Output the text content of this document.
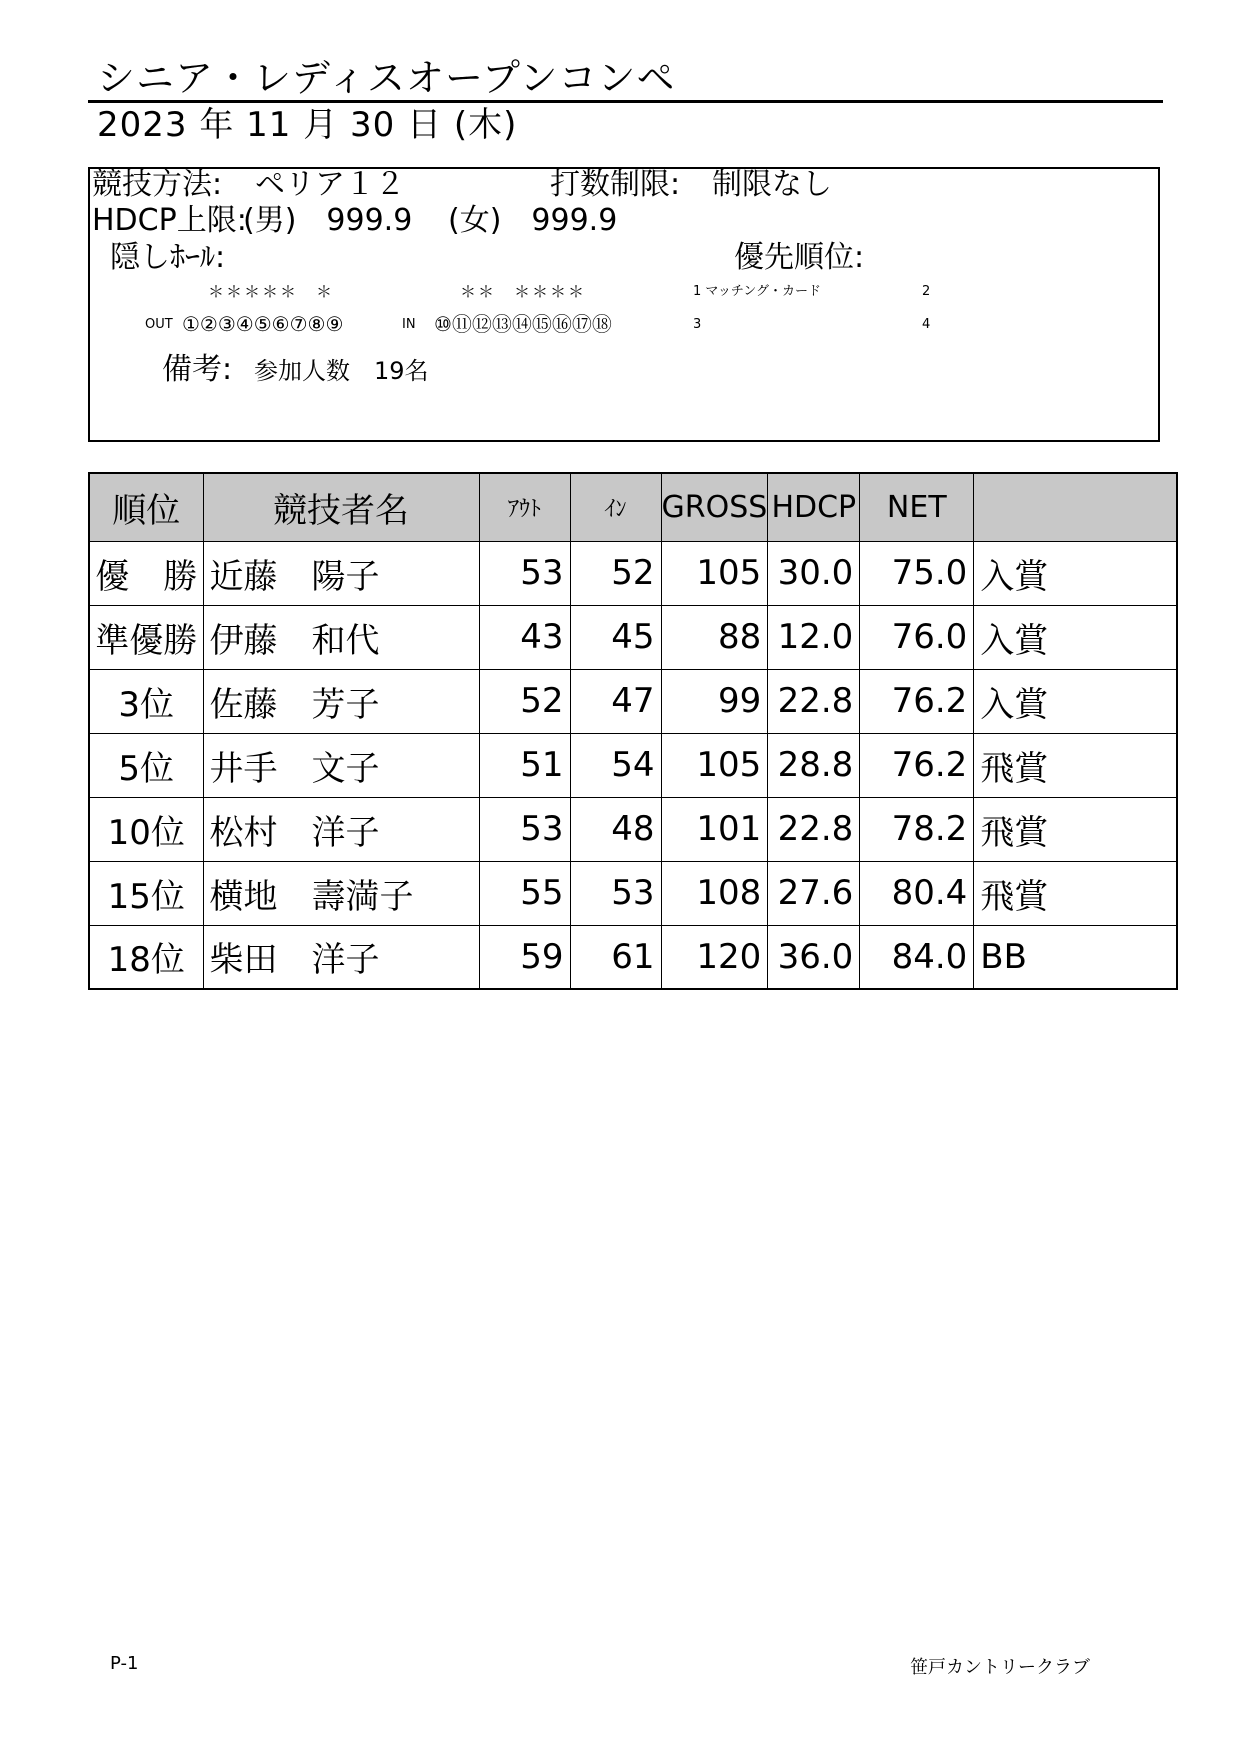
シニア・レディスオープンコンペ
2023 年 11 月 30 日 (木)
競技方法: ペリア１２	打数制限: 制限なし
HDCP上限:
(男)　999.9 (女)　999.9
隠しﾎｰﾙ:	優先順位:
＊＊＊＊＊　＊	＊＊　＊＊＊＊	1 マッチング・カード	2
OUT ①②③④⑤⑥⑦⑧⑨	IN ⑩⑪⑫⑬⑭⑮⑯⑰⑱	3	4
備考: 参加人数　19名
順位	競技者名	ｱｳﾄ	ｲﾝ	GROSS	HDCP	NET	
優　勝	近藤　陽子	53	52	105	30.0	75.0	入賞
準優勝	伊藤　和代	43	45	88	12.0	76.0	入賞
3位	佐藤　芳子	52	47	99	22.8	76.2	入賞
5位	井手　文子	51	54	105	28.8	76.2	飛賞
10位	松村　洋子	53	48	101	22.8	78.2	飛賞
15位	横地　壽満子	55	53	108	27.6	80.4	飛賞
18位	柴田　洋子	59	61	120	36.0	84.0	BB
P-1	笹戸カントリークラブ
